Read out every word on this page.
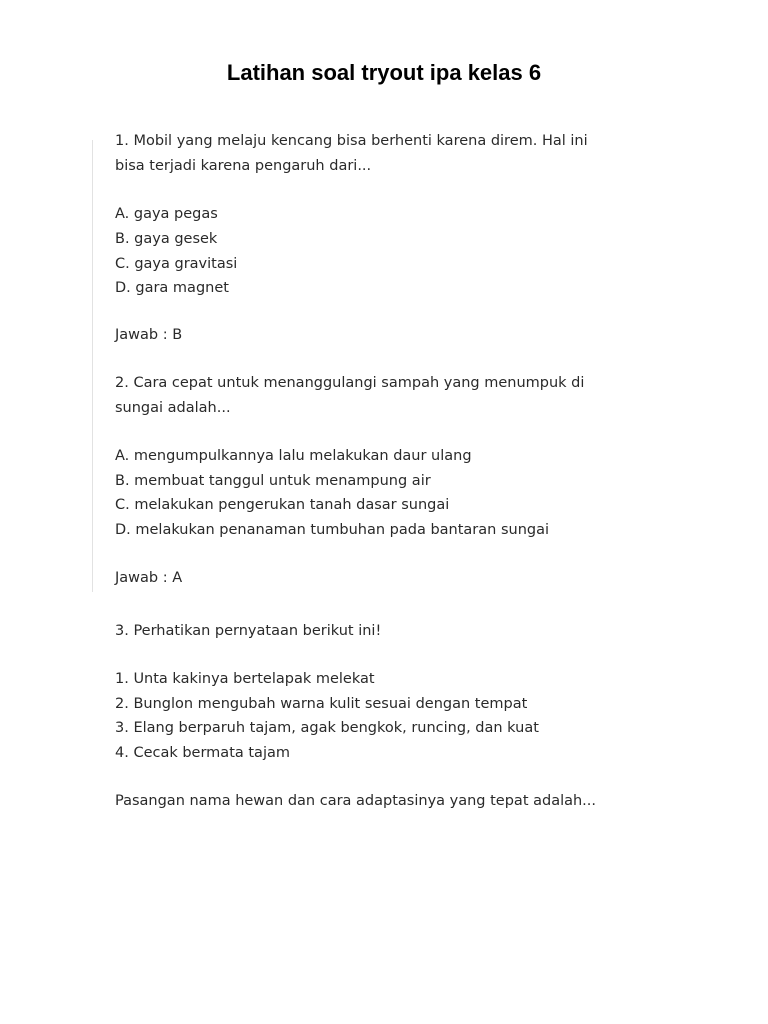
Latihan soal tryout ipa kelas 6
1. Mobil yang melaju kencang bisa berhenti karena direm. Hal ini
bisa terjadi karena pengaruh dari...
A. gaya pegas
B. gaya gesek
C. gaya gravitasi
D. gara magnet
Jawab : B
2. Cara cepat untuk menanggulangi sampah yang menumpuk di
sungai adalah...
A. mengumpulkannya lalu melakukan daur ulang
B. membuat tanggul untuk menampung air
C. melakukan pengerukan tanah dasar sungai
D. melakukan penanaman tumbuhan pada bantaran sungai
Jawab : A
3. Perhatikan pernyataan berikut ini!
1. Unta kakinya bertelapak melekat
2. Bunglon mengubah warna kulit sesuai dengan tempat
3. Elang berparuh tajam, agak bengkok, runcing, dan kuat
4. Cecak bermata tajam
Pasangan nama hewan dan cara adaptasinya yang tepat adalah...
